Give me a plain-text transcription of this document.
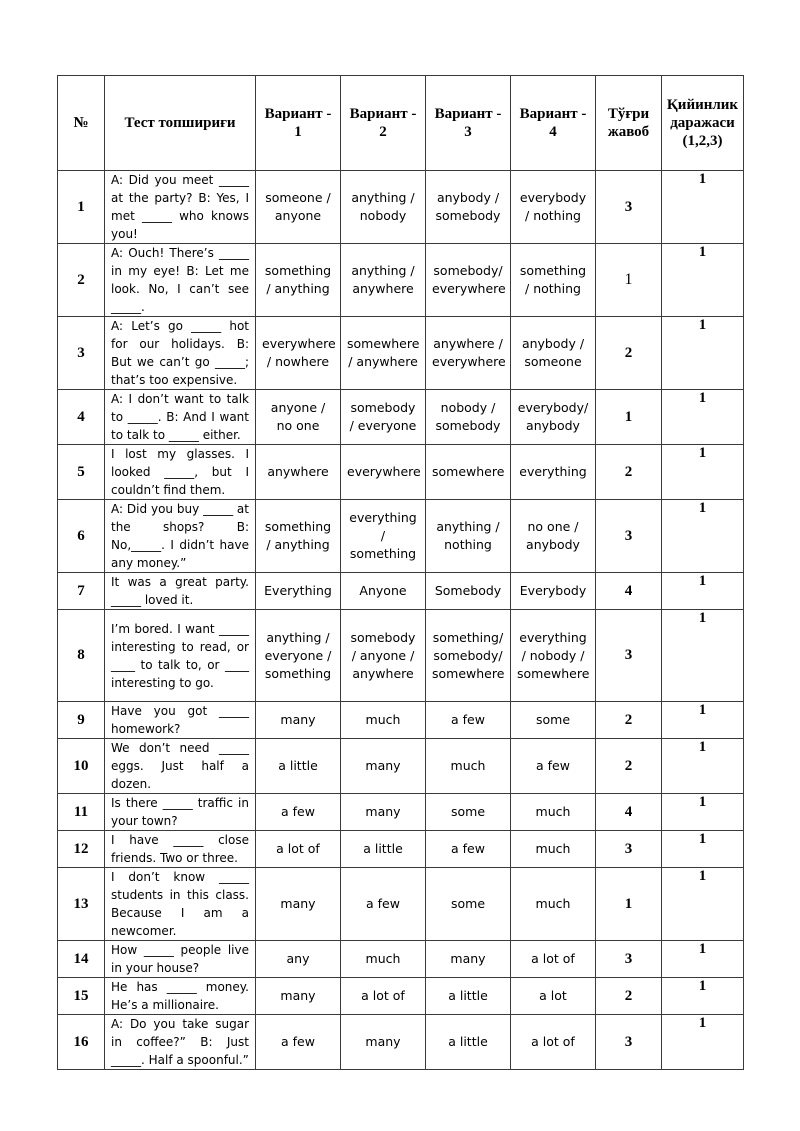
№	Тест топшириғи	Вариант - 1	Вариант - 2	Вариант - 3	Вариант - 4	Тўғри жавоб	Қийинлик даражаси (1,2,3)
1	A: Did you meet _____ at the party? B: Yes, I met _____ who knows you!	someone / anyone	anything / nobody	anybody / somebody	everybody / nothing	3	1
2	A: Ouch! There’s _____ in my eye! B: Let me look. No, I can’t see _____.	something / anything	anything / anywhere	somebody/ everywhere	something / nothing	1	1
3	A: Let’s go _____ hot for our holidays. B: But we can’t go _____; that’s too expensive.	everywhere / nowhere	somewhere / anywhere	anywhere / everywhere	anybody / someone	2	1
4	A: I don’t want to talk to _____. B: And I want to talk to _____ either.	anyone / no one	somebody / everyone	nobody / somebody	everybody/ anybody	1	1
5	I lost my glasses. I looked _____, but I couldn’t find them.	anywhere	everywhere	somewhere	everything	2	1
6	A: Did you buy _____ at the shops? B: No,_____. I didn’t have any money.”	something / anything	everything / something	anything / nothing	no one / anybody	3	1
7	It was a great party. _____ loved it.	Everything	Anyone	Somebody	Everybody	4	1
8	I’m bored. I want _____ interesting to read, or ____ to talk to, or ____ interesting to go.	anything / everyone / something	somebody / anyone / anywhere	something/ somebody/ somewhere	everything / nobody / somewhere	3	1
9	Have you got _____ homework?	many	much	a few	some	2	1
10	We don’t need _____ eggs. Just half a dozen.	a little	many	much	a few	2	1
11	Is there _____ traffic in your town?	a few	many	some	much	4	1
12	I have _____ close friends. Two or three.	a lot of	a little	a few	much	3	1
13	I don’t know _____ students in this class. Because I am a newcomer.	many	a few	some	much	1	1
14	How _____ people live in your house?	any	much	many	a lot of	3	1
15	He has _____ money. He’s a millionaire.	many	a lot of	a little	a lot	2	1
16	A: Do you take sugar in coffee?” B: Just _____. Half a spoonful.”	a few	many	a little	a lot of	3	1
